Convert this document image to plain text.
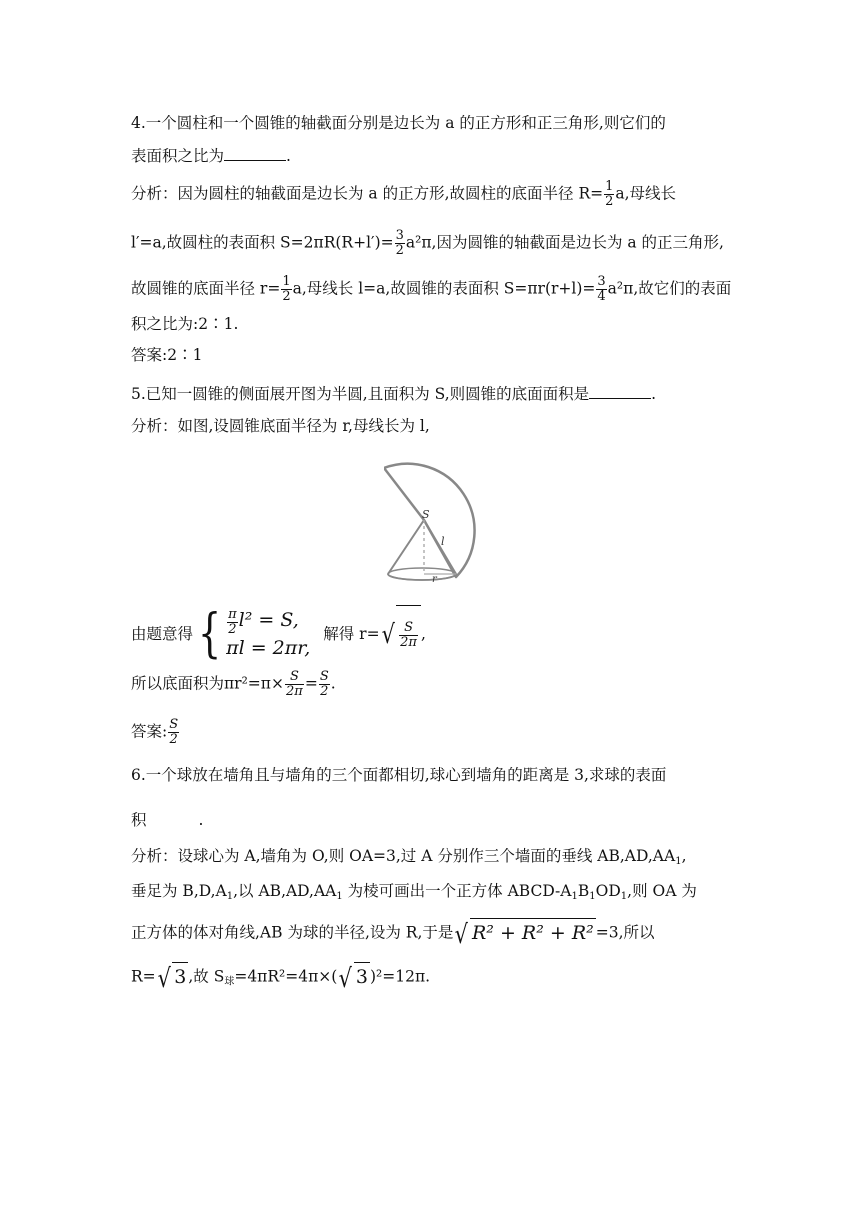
4.一个圆柱和一个圆锥的轴截面分别是边长为 a 的正方形和正三角形,则它们的
表面积之比为	.
分析：因为圆柱的轴截面是边长为 a 的正方形,故圆柱的底面半径 $R= \frac{1}{2} a$,母线长
l′=a,故圆柱的表面积 $S=2\pi R(R+l')= \frac{3}{2} a^2\pi$,因为圆锥的轴截面是边长为 a 的正三角形,
故圆锥的底面半径 $r= \frac{1}{2} a$,母线长 l=a,故圆锥的表面积 $S=\pi r(r+l)= \frac{3}{4} a^2\pi$,故它们的表面
积之比为:2∶1.
答案:2∶1
5.已知一圆锥的侧面展开图为半圆,且面积为 S,则圆锥的底面面积是	.
分析：如图,设圆锥底面半径为 r,母线长为 l,
S
l
r
由题意得{ $\frac{\pi}{2} l^2 = S$,
πl = 2πr,
解得 $r=√ \frac{S}{2\pi}$ ,
所以底面积为$\pi r^2=\pi\times \frac{S}{2\pi} = \frac{S}{2}$ .
答案: $\frac{S}{2}$
6.一个球放在墙角且与墙角的三个面都相切,球心到墙角的距离是 3,求球的表面
积	.
分析：设球心为 A,墙角为 O,则 OA=3,过 A 分别作三个墙面的垂线 $AB,AD,AA_1$,
垂足为 $B,D,A_1$,以 $AB,AD,AA_1$ 为棱可画出一个正方体 ABCD-$A_1B_1OD_1$,则 OA 为
正方体的体对角线,AB 为球的半径,设为 R,于是√ R² + R² + R² =3,所以
R=√ 3 ,故 $S_球=4\pi R^2=4\pi\times(√$ 3 )²=12π.
